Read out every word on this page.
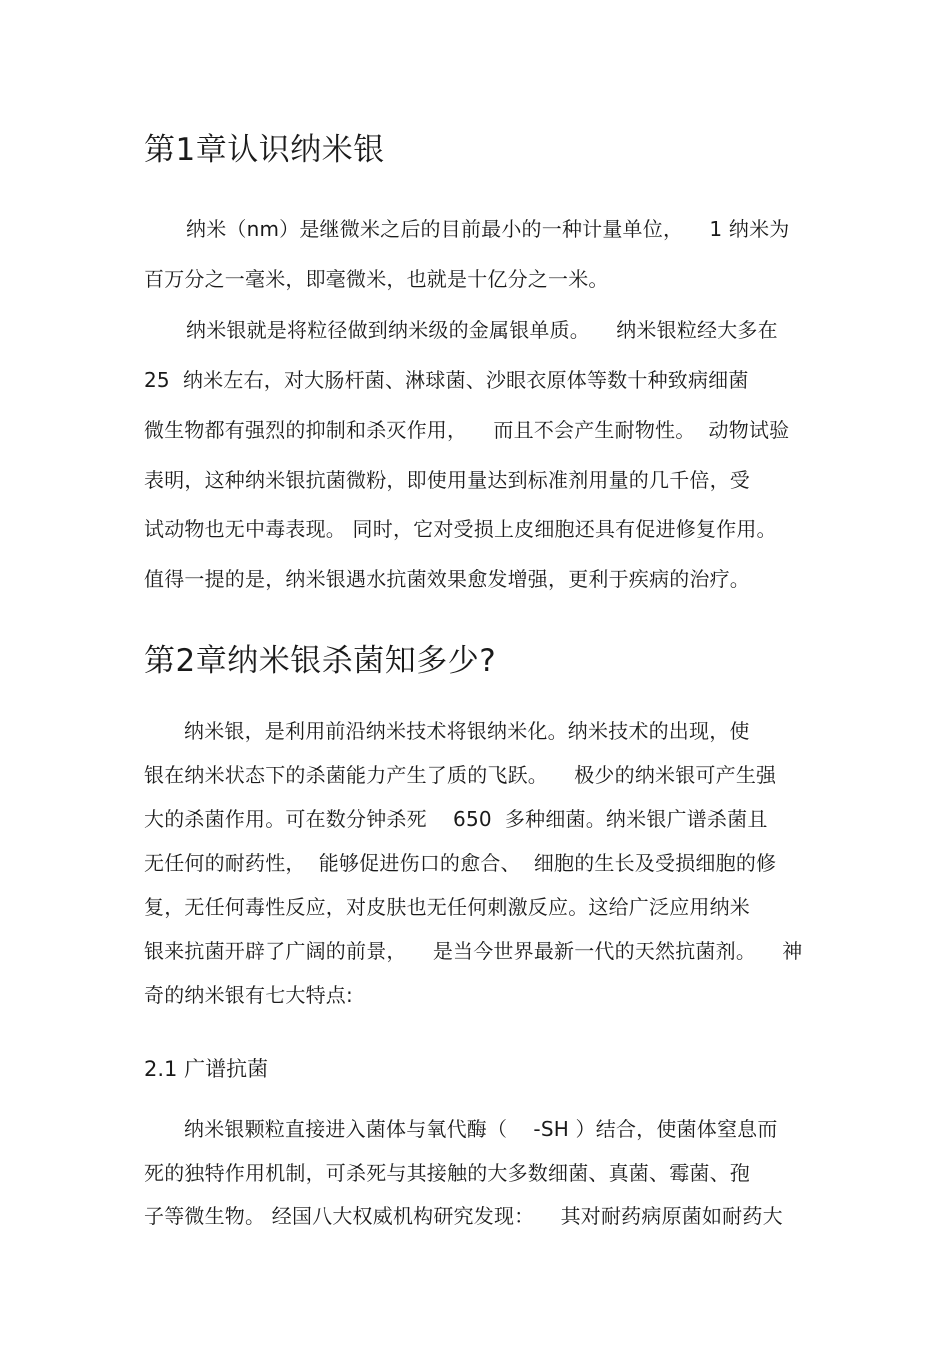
第1章认识纳米银
纳米（nm）是继微米之后的目前最小的一种计量单位，    1 纳米为
百万分之一毫米，即毫微米，也就是十亿分之一米。
纳米银就是将粒径做到纳米级的金属银单质。    纳米银粒经大多在
25  纳米左右，对大肠杆菌、淋球菌、沙眼衣原体等数十种致病细菌
微生物都有强烈的抑制和杀灭作用，    而且不会产生耐物性。  动物试验
表明，这种纳米银抗菌微粉，即使用量达到标准剂用量的几千倍，受
试动物也无中毒表现。 同时，它对受损上皮细胞还具有促进修复作用。
值得一提的是，纳米银遇水抗菌效果愈发增强，更利于疾病的治疗。
第2章纳米银杀菌知多少?
纳米银，是利用前沿纳米技术将银纳米化。纳米技术的出现，使
银在纳米状态下的杀菌能力产生了质的飞跃。    极少的纳米银可产生强
大的杀菌作用。可在数分钟杀死    650  多种细菌。纳米银广谱杀菌且
无任何的耐药性，  能够促进伤口的愈合、  细胞的生长及受损细胞的修
复，无任何毒性反应，对皮肤也无任何刺激反应。这给广泛应用纳米
银来抗菌开辟了广阔的前景，    是当今世界最新一代的天然抗菌剂。    神
奇的纳米银有七大特点:
2.1 广谱抗菌
纳米银颗粒直接进入菌体与氧代酶（    -SH ）结合，使菌体窒息而
死的独特作用机制，可杀死与其接触的大多数细菌、真菌、霉菌、孢
子等微生物。 经国八大权威机构研究发现：    其对耐药病原菌如耐药大
